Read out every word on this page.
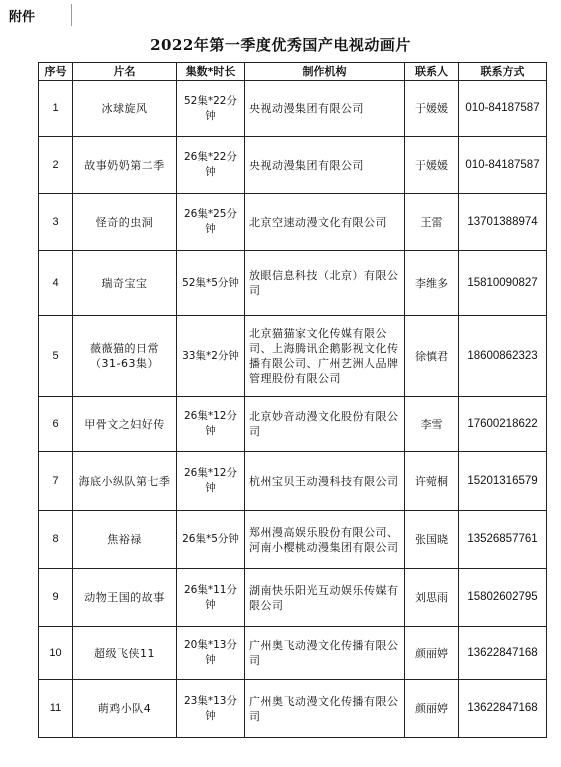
附件
2022年第一季度优秀国产电视动画片
序号	片名	集数*时长	制作机构	联系人	联系方式
1	冰球旋风	52集*22分钟	央视动漫集团有限公司	于媛媛	010-84187587
2	故事奶奶第二季	26集*22分钟	央视动漫集团有限公司	于媛媛	010-84187587
3	怪奇的虫洞	26集*25分钟	北京空速动漫文化有限公司	王雷	13701388974
4	瑞奇宝宝	52集*5分钟	放眼信息科技（北京）有限公司	李维多	15810090827
5	薇薇猫的日常（31-63集）	33集*2分钟	北京猫猫家文化传媒有限公司、上海腾讯企鹅影视文化传播有限公司、广州艺洲人品牌管理股份有限公司	徐慎君	18600862323
6	甲骨文之妇好传	26集*12分钟	北京妙音动漫文化股份有限公司	李雪	17600218622
7	海底小纵队第七季	26集*12分钟	杭州宝贝王动漫科技有限公司	许菀桐	15201316579
8	焦裕禄	26集*5分钟	郑州漫高娱乐股份有限公司、河南小樱桃动漫集团有限公司	张国晓	13526857761
9	动物王国的故事	26集*11分钟	湖南快乐阳光互动娱乐传媒有限公司	刘思雨	15802602795
10	超级飞侠11	20集*13分钟	广州奥飞动漫文化传播有限公司	颜丽婷	13622847168
11	萌鸡小队4	23集*13分钟	广州奥飞动漫文化传播有限公司	颜丽婷	13622847168
